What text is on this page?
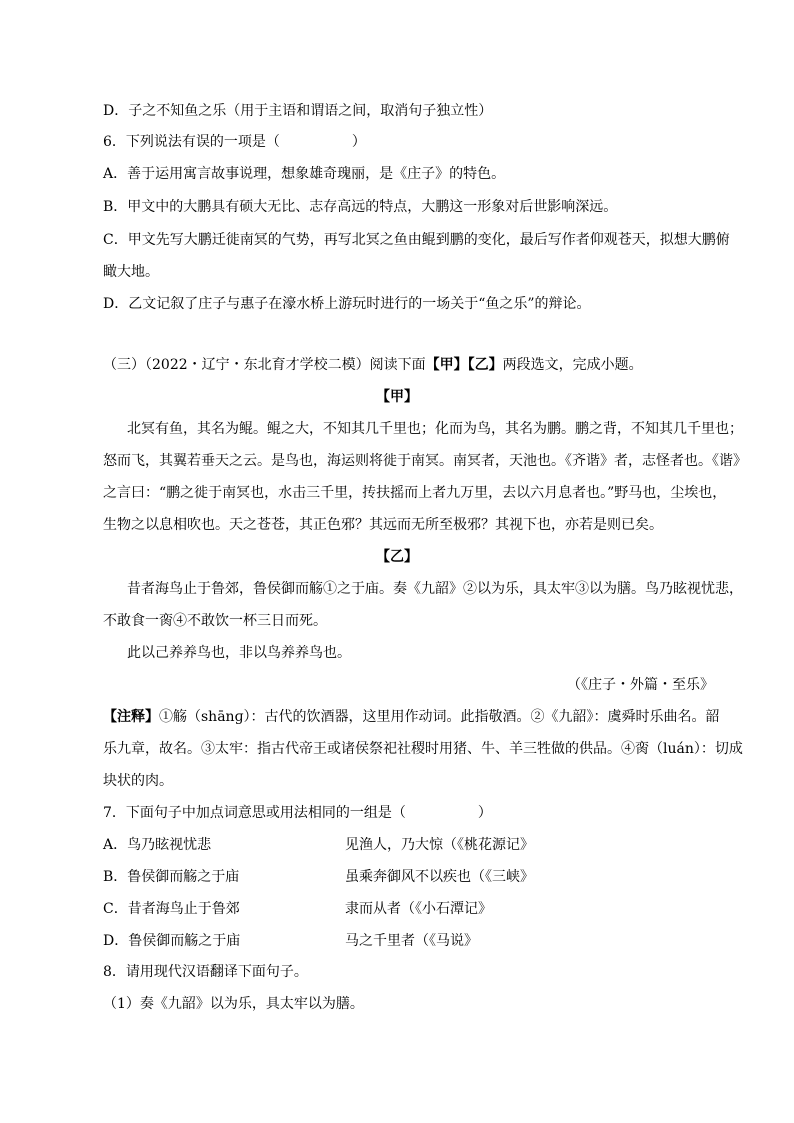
D．子之不知鱼之乐（用于主语和谓语之间，取消句子独立性）
6．下列说法有误的一项是（	）
A．善于运用寓言故事说理，想象雄奇瑰丽，是《庄子》的特色。
B．甲文中的大鹏具有硕大无比、志存高远的特点，大鹏这一形象对后世影响深远。
C．甲文先写大鹏迁徙南冥的气势，再写北冥之鱼由鲲到鹏的变化，最后写作者仰观苍天，拟想大鹏俯
瞰大地。
D．乙文记叙了庄子与惠子在濠水桥上游玩时进行的一场关于“鱼之乐”的辩论。
（三）（2022・辽宁・东北育才学校二模）阅读下面【甲】【乙】两段选文，完成小题。
【甲】
北冥有鱼，其名为鲲。鲲之大，不知其几千里也；化而为鸟，其名为鹏。鹏之背，不知其几千里也；
怒而飞，其翼若垂天之云。是鸟也，海运则将徙于南冥。南冥者，天池也。《齐谐》者，志怪者也。《谐》
之言曰：“鹏之徙于南冥也，水击三千里，抟扶摇而上者九万里，去以六月息者也。”野马也，尘埃也，
生物之以息相吹也。天之苍苍，其正色邪？其远而无所至极邪？其视下也，亦若是则已矣。
【乙】
昔者海鸟止于鲁郊，鲁侯御而觞①之于庙。奏《九韶》②以为乐，具太牢③以为膳。鸟乃眩视忧悲，
不敢食一脔④不敢饮一杯三日而死。
此以己养养鸟也，非以鸟养养鸟也。
（《庄子・外篇・至乐》
【注释】①觞（shānɡ）：古代的饮酒器，这里用作动词。此指敬酒。②《九韶》：虞舜时乐曲名。韶
乐九章，故名。③太牢：指古代帝王或诸侯祭祀社稷时用猪、牛、羊三牲做的供品。④脔（luán）：切成
块状的肉。
7．下面句子中加点词意思或用法相同的一组是（	）
A．鸟乃眩视忧悲	见渔人，乃大惊（《桃花源记》
B．鲁侯御而觞之于庙	虽乘奔御风不以疾也（《三峡》
C．昔者海鸟止于鲁郊	隶而从者（《小石潭记》
D．鲁侯御而觞之于庙	马之千里者（《马说》
8．请用现代汉语翻译下面句子。
（1）奏《九韶》以为乐，具太牢以为膳。
